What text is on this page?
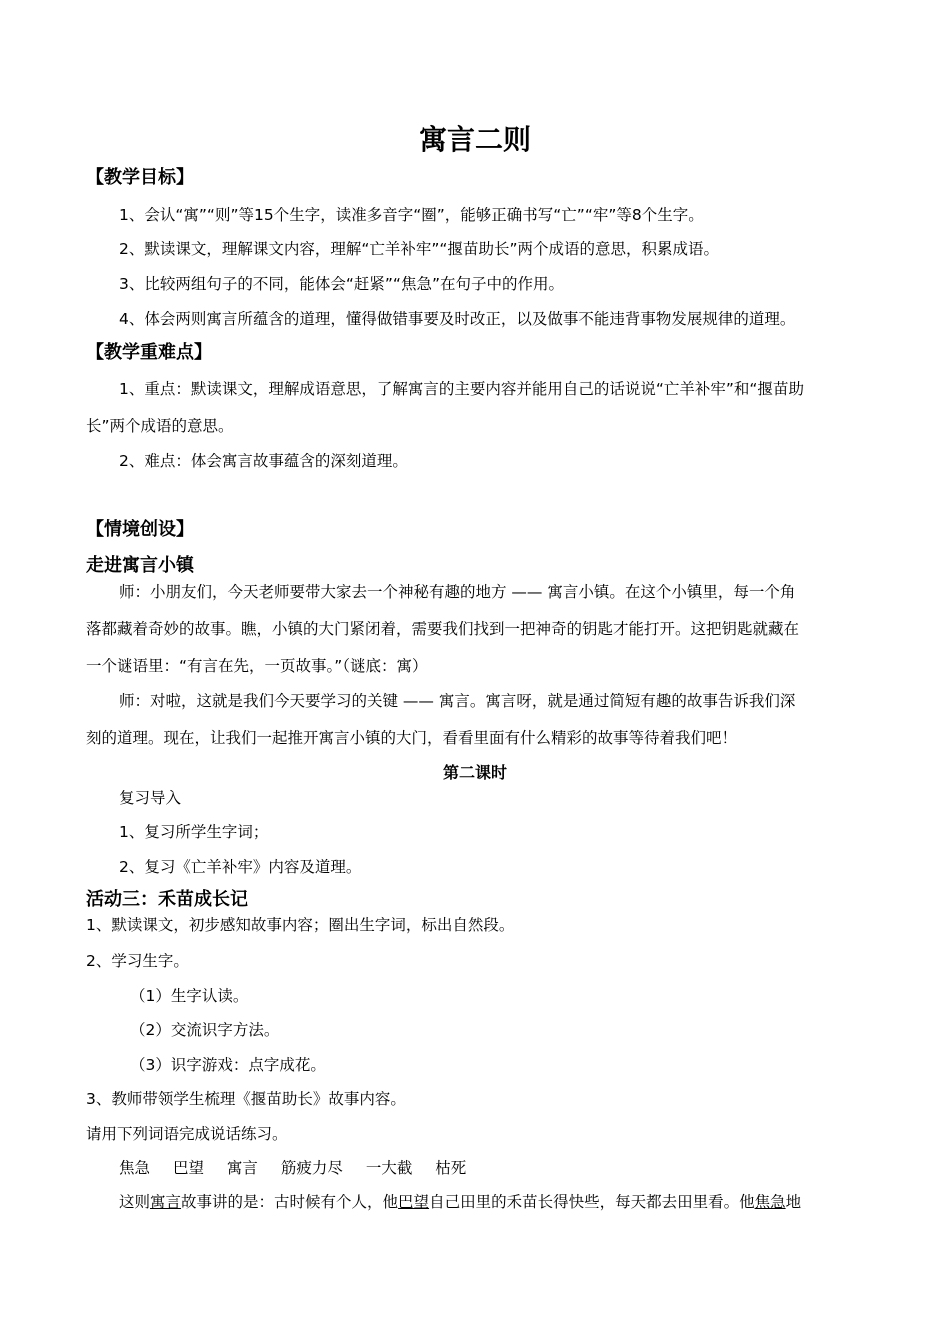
寓言二则
【教学目标】
1、会认“寓”“则”等15个生字，读准多音字“圈”，能够正确书写“亡”“牢”等8个生字。
2、默读课文，理解课文内容，理解“亡羊补牢”“揠苗助长”两个成语的意思，积累成语。
3、比较两组句子的不同，能体会“赶紧”“焦急”在句子中的作用。
4、体会两则寓言所蕴含的道理，懂得做错事要及时改正，以及做事不能违背事物发展规律的道理。
【教学重难点】
1、重点：默读课文，理解成语意思，了解寓言的主要内容并能用自己的话说说“亡羊补牢”和“揠苗助
长”两个成语的意思。
2、难点：体会寓言故事蕴含的深刻道理。
【情境创设】
走进寓言小镇
师：小朋友们，今天老师要带大家去一个神秘有趣的地方 —— 寓言小镇。在这个小镇里，每一个角
落都藏着奇妙的故事。瞧，小镇的大门紧闭着，需要我们找到一把神奇的钥匙才能打开。这把钥匙就藏在
一个谜语里：“有言在先，一页故事。”（谜底：寓）
师：对啦，这就是我们今天要学习的关键 —— 寓言。寓言呀，就是通过简短有趣的故事告诉我们深
刻的道理。现在，让我们一起推开寓言小镇的大门，看看里面有什么精彩的故事等待着我们吧！
第二课时
复习导入
1、复习所学生字词；
2、复习《亡羊补牢》内容及道理。
活动三：禾苗成长记
1、默读课文，初步感知故事内容；圈出生字词，标出自然段。
2、学习生字。
（1）生字认读。
（2）交流识字方法。
（3）识字游戏：点字成花。
3、教师带领学生梳理《揠苗助长》故事内容。
请用下列词语完成说话练习。
焦急 巴望 寓言 筋疲力尽 一大截 枯死
这则寓言故事讲的是：古时候有个人，他巴望自己田里的禾苗长得快些，每天都去田里看。他焦急地
